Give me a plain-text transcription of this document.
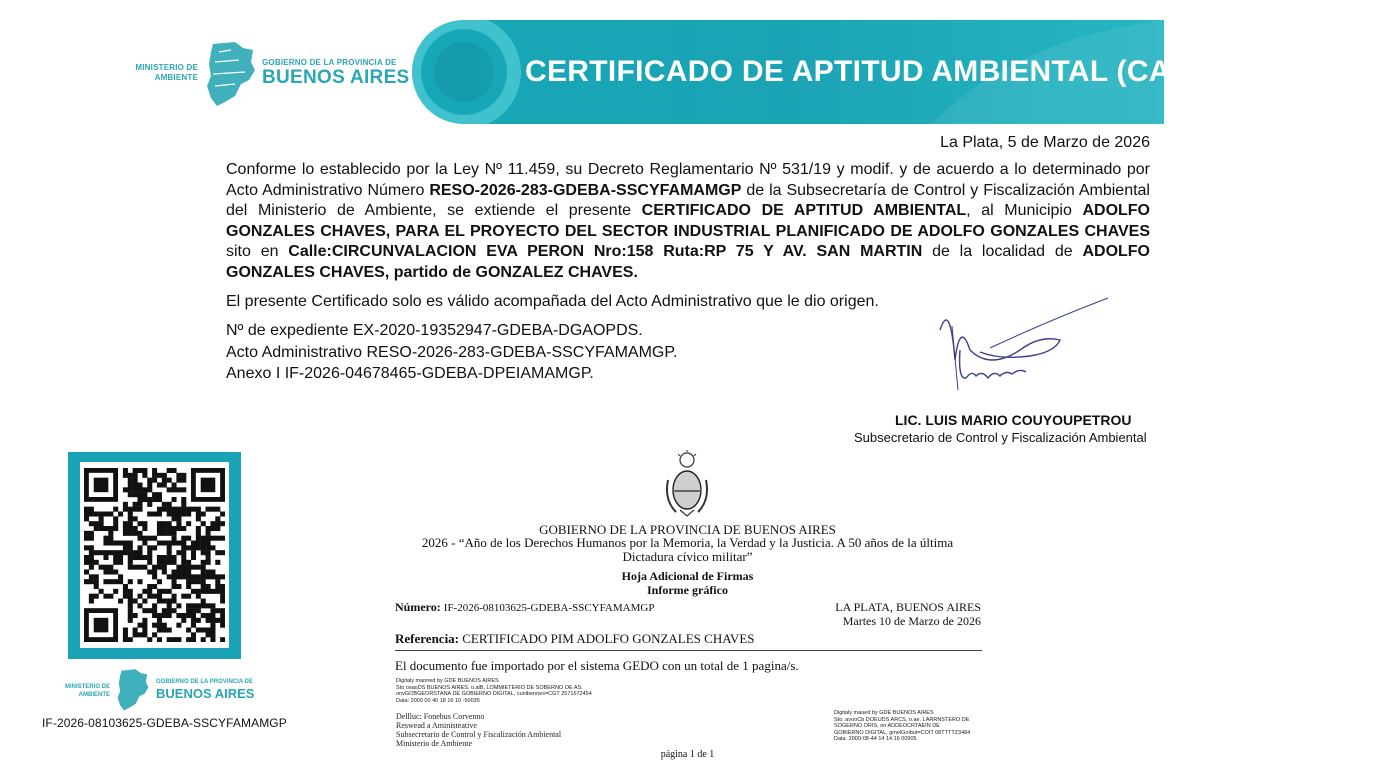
MINISTERIO DE AMBIENTE
GOBIERNO DE LA PROVINCIA DE
BUENOS AIRES	CERTIFICADO DE APTITUD AMBIENTAL (CAA)
La Plata, 5 de Marzo de 2026

Conforme lo establecido por la Ley Nº 11.459, su Decreto Reglamentario Nº 531/19 y modif. y de acuerdo a lo determinado por Acto Administrativo Número RESO-2026-283-GDEBA-SSCYFAMAMGP de la Subsecretaría de Control y Fiscalización Ambiental del Ministerio de Ambiente, se extiende el presente CERTIFICADO DE APTITUD AMBIENTAL, al Municipio ADOLFO GONZALES CHAVES, PARA EL PROYECTO DEL SECTOR INDUSTRIAL PLANIFICADO DE ADOLFO GONZALES CHAVES sito en Calle:CIRCUNVALACION EVA PERON Nro:158 Ruta:RP 75 Y AV. SAN MARTIN de la localidad de ADOLFO GONZALES CHAVES, partido de GONZALEZ CHAVES.

El presente Certificado solo es válido acompañada del Acto Administrativo que le dio origen.

Nº de expediente EX-2020-19352947-GDEBA-DGAOPDS.
Acto Administrativo RESO-2026-283-GDEBA-SSCYFAMAMGP.
Anexo I IF-2026-04678465-GDEBA-DPEIAMAMGP.
LIC. LUIS MARIO COUYOUPETROU
Subsecretario de Control y Fiscalización Ambiental
MINISTERIO DE AMBIENTE
GOBIERNO DE LA PROVINCIA DE
BUENOS AIRES
IF-2026-08103625-GDEBA-SSCYFAMAMGP
GOBIERNO DE LA PROVINCIA DE BUENOS AIRES
2026 - “Año de los Derechos Humanos por la Memoria, la Verdad y la Justicia. A 50 años de la última Dictadura cívico militar”
Hoja Adicional de Firmas
Informe gráfico
Número: IF-2026-08103625-GDEBA-SSCYFAMAMGP	LA PLATA, BUENOS AIRES
Martes 10 de Marzo de 2026
Referencia: CERTIFICADO PIM ADOLFO GONZALES CHAVES
El documento fue importado por el sistema GEDO con un total de 1 pagina/s.
Digitaly manned by GDE BUENOS AIRES
Sto osaoDS BUENOS AIRES, o.alB, LOMMIETERIO DE SOBERNO OE AS.
onvGOBGEORSTANA DE GOBIERNO DIGITAL, cunibennes=CGT 2571672454
Data: 2000 00 40 18 16 10 -50035
Dellluc: Fonehus Corvenno
Reswead a Aministeative
Subsecretario de Control y Fiscalización Ambiental
Ministerio de Ambiente
Digitaly maued by GDE BUENOS AIRES
Sto. avooCb DOEUDS ARCS, o.ae. LARRNSTERO DE
SOGERNO ORIS, on ADDEOCRTAEIN DE
GOBIERNO DIGITAL, gmelGnibut=COIT 08TTTTZ3484
Data. 2000-08-44 14 14.16 00905
página 1 de 1
